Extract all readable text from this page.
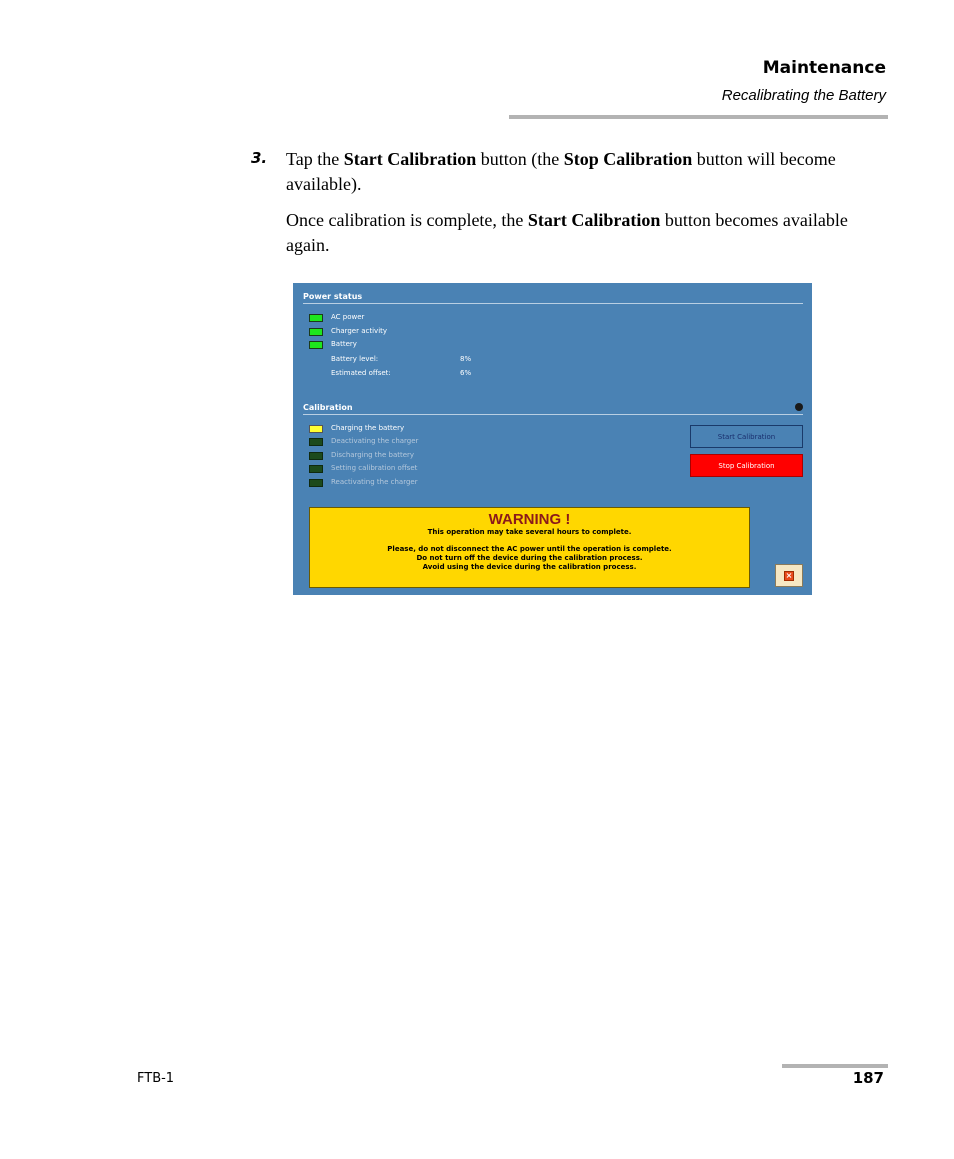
Maintenance
Recalibrating the Battery
3. Tap the Start Calibration button (the Stop Calibration button will become available).
Once calibration is complete, the Start Calibration button becomes available again.
Power status
AC power
Charger activity
Battery
Battery level:	8%
Estimated offset:	6%
Calibration
Charging the battery
Deactivating the charger
Discharging the battery
Setting calibration offset
Reactivating the charger
Start Calibration
Stop Calibration
WARNING !
This operation may take several hours to complete.
Please, do not disconnect the AC power until the operation is complete.
Do not turn off the device during the calibration process.
Avoid using the device during the calibration process.
×
FTB-1	187
